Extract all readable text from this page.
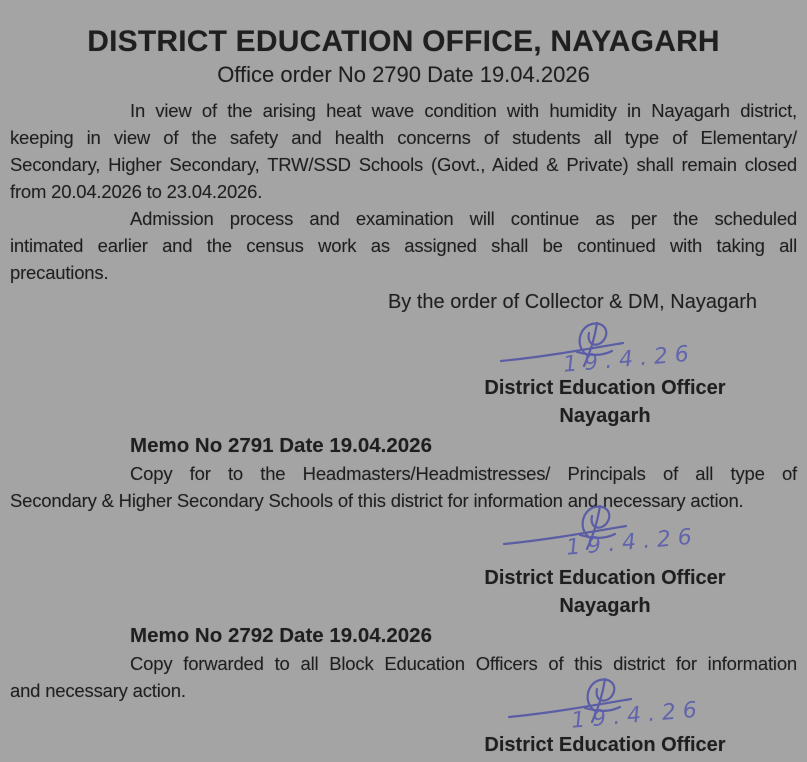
DISTRICT EDUCATION OFFICE, NAYAGARH
Office order No 2790 Date 19.04.2026
In view of the arising heat wave condition with humidity in Nayagarh district,
keeping in view of the safety and health concerns of students all type of Elementary/
Secondary, Higher Secondary, TRW/SSD Schools (Govt., Aided & Private) shall remain closed
from 20.04.2026 to 23.04.2026.
Admission process and examination will continue as per the scheduled
intimated earlier and the census work as assigned shall be continued with taking all
precautions.
By the order of Collector & DM, Nayagarh
District Education Officer
Nayagarh
Memo No 2791 Date 19.04.2026
Copy for to the Headmasters/Headmistresses/ Principals of all type of
Secondary & Higher Secondary Schools of this district for information and necessary action.
District Education Officer
Nayagarh
Memo No 2792 Date 19.04.2026
Copy forwarded to all Block Education Officers of this district for information
and necessary action.
District Education Officer
19.4.26
19.4.26
19.4.26
